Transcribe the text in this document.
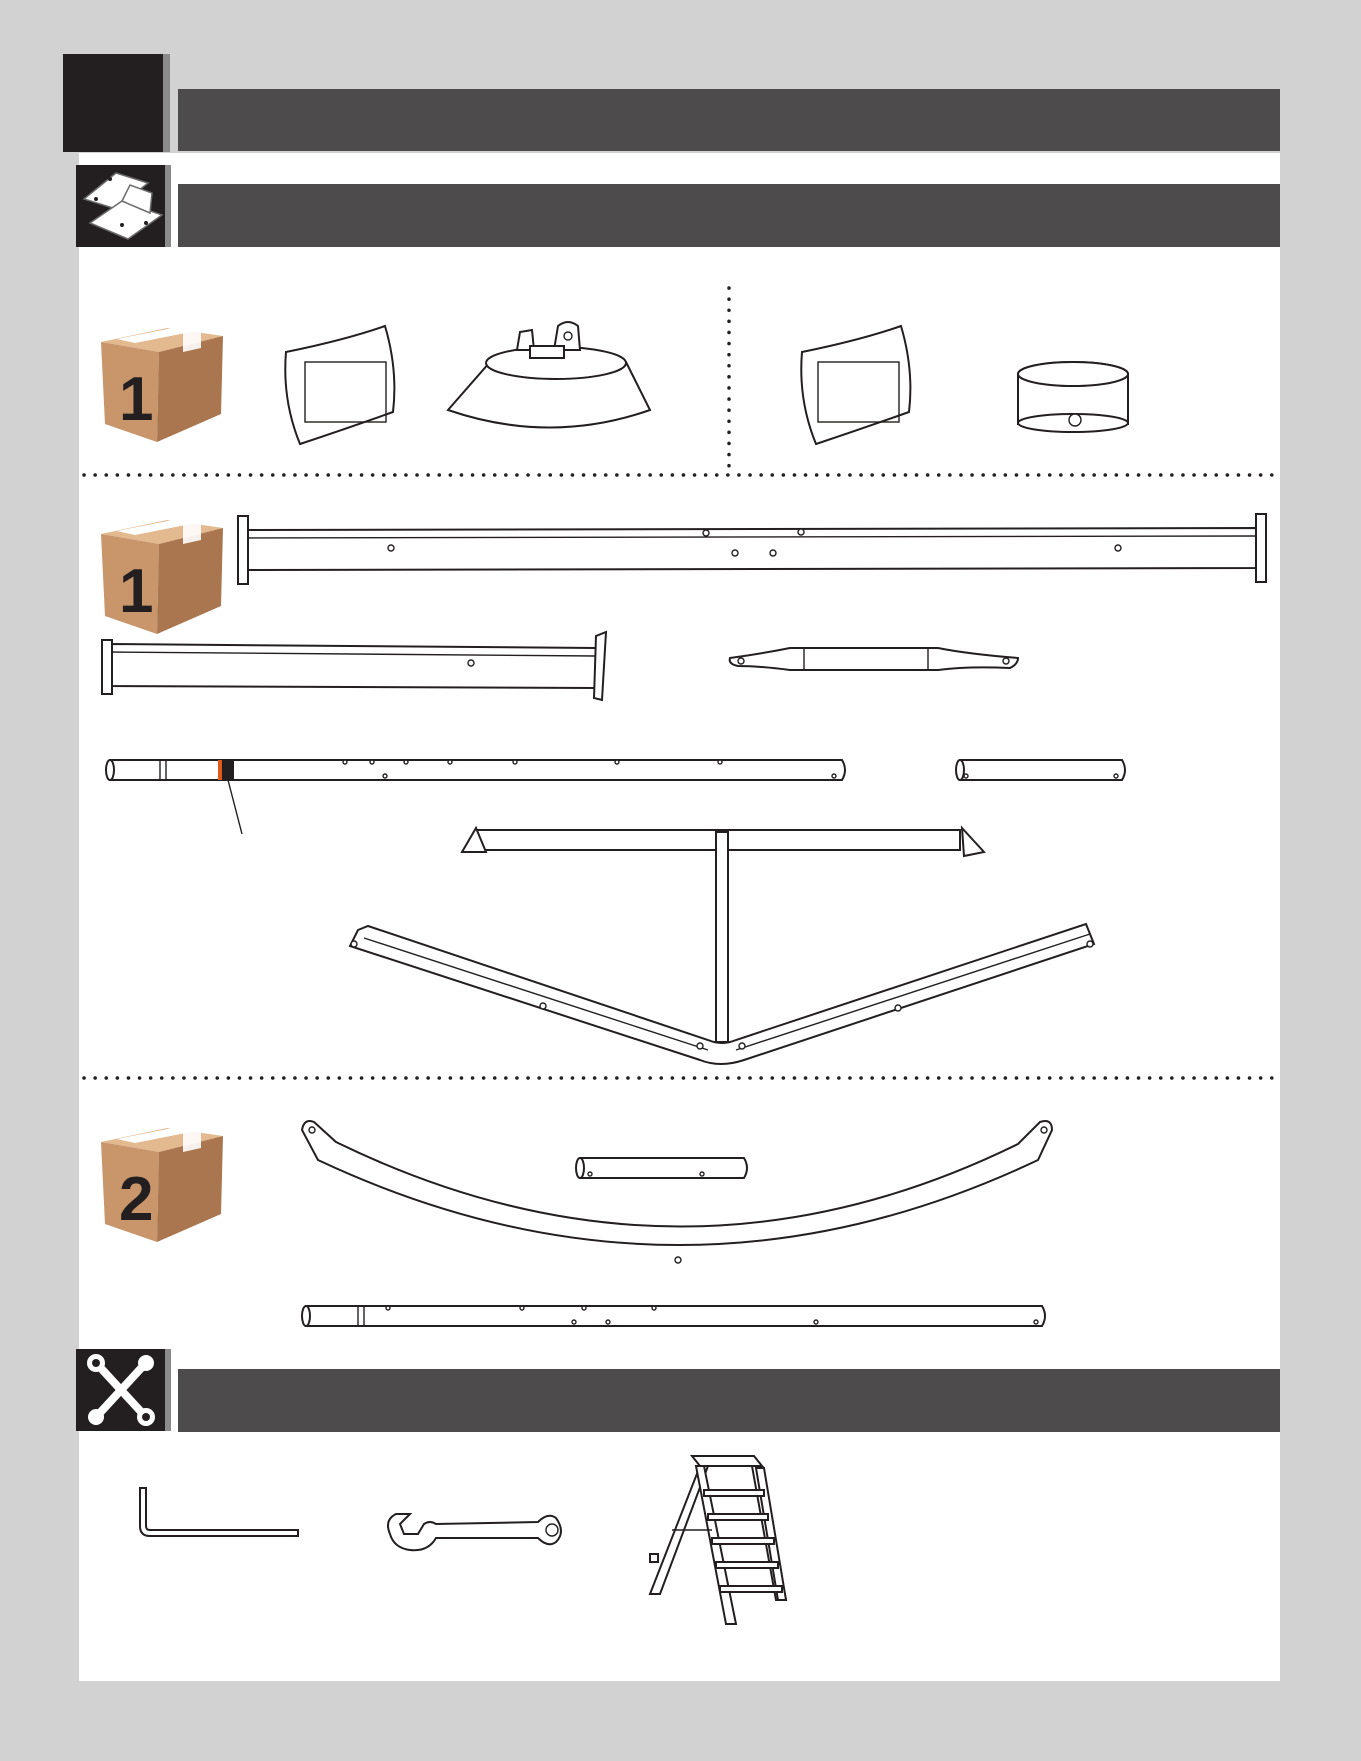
1
1
2
